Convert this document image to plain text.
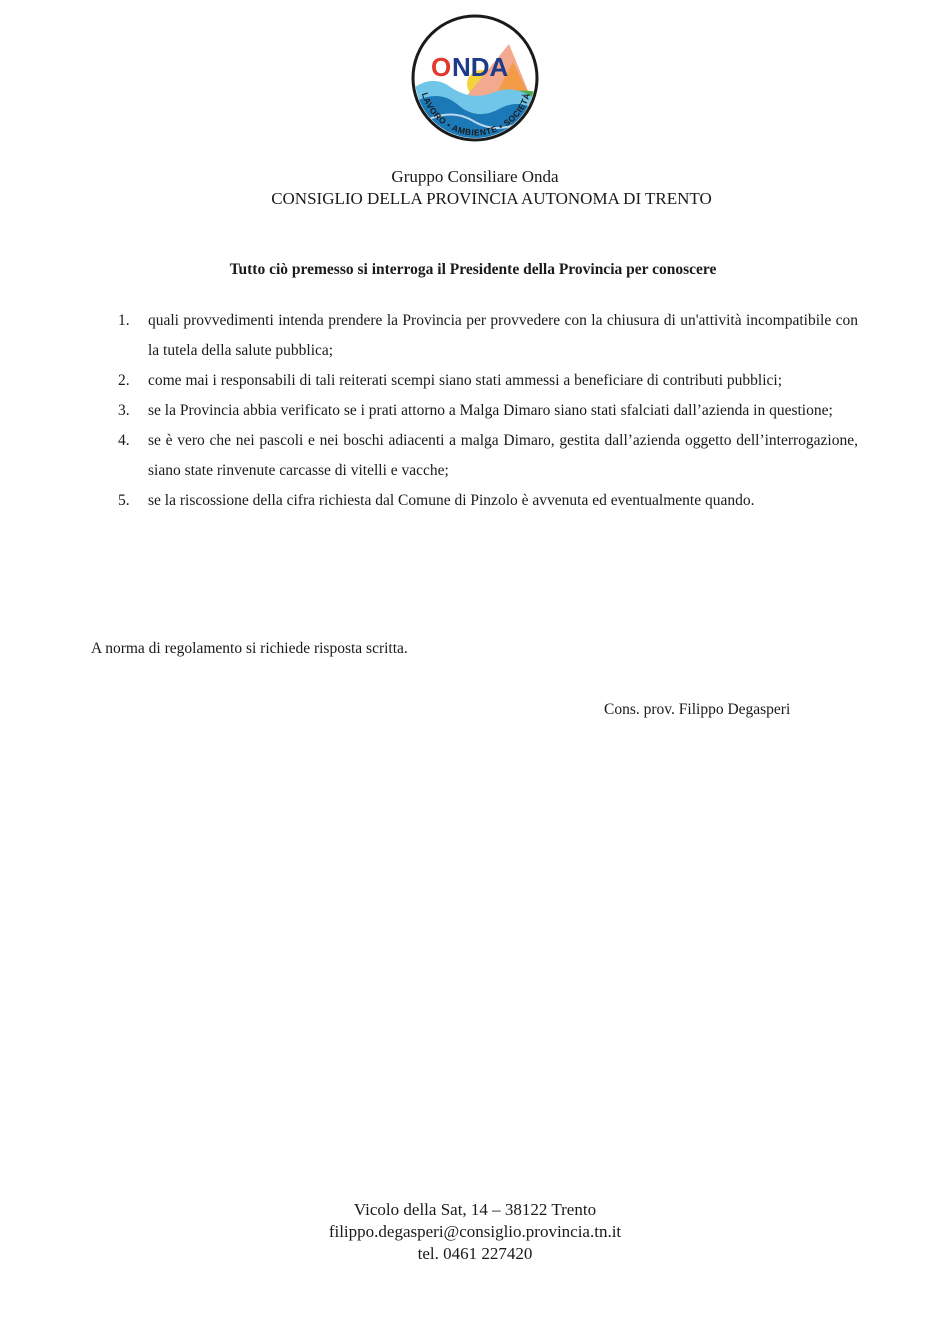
O NDA
LAVORO • AMBIENTE • SOCIETÀ
Gruppo Consiliare Onda
CONSIGLIO DELLA PROVINCIA AUTONOMA DI TRENTO
Tutto ciò premesso si interroga il Presidente della Provincia per conoscere
1. quali provvedimenti intenda prendere la Provincia per provvedere con la chiusura di un'attività incompatibile con la tutela della salute pubblica;
2. come mai i responsabili di tali reiterati scempi siano stati ammessi a beneficiare di contributi pubblici;
3. se la Provincia abbia verificato se i prati attorno a Malga Dimaro siano stati sfalciati dall’azienda in questione;
4. se è vero che nei pascoli e nei boschi adiacenti a malga Dimaro, gestita dall’azienda oggetto dell’interrogazione, siano state rinvenute carcasse di vitelli e vacche;
5. se la riscossione della cifra richiesta dal Comune di Pinzolo è avvenuta ed eventualmente quando.
A norma di regolamento si richiede risposta scritta.
Cons. prov. Filippo Degasperi
Vicolo della Sat, 14 – 38122 Trento
filippo.degasperi@consiglio.provincia.tn.it
tel. 0461 227420
